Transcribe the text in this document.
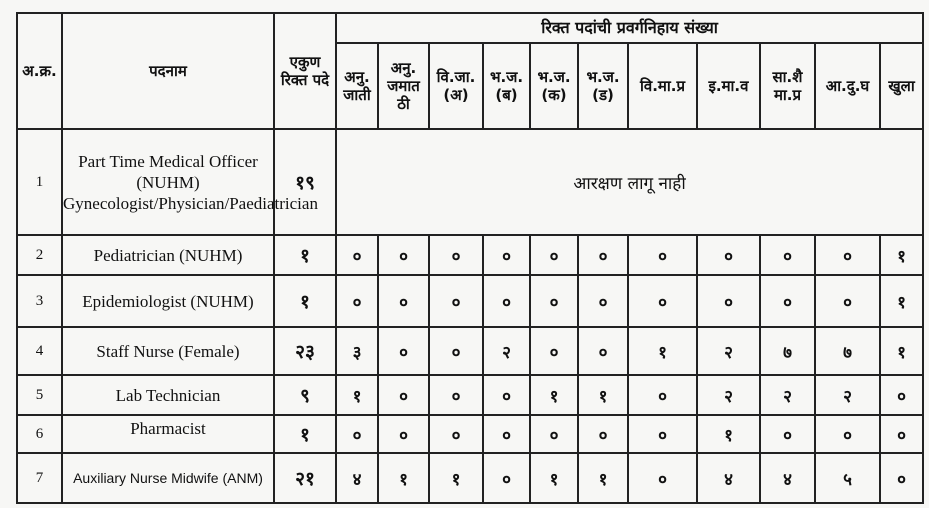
अ.क्र.	पदनाम	एकुण रिक्त पदे	रिक्त पदांची प्रवर्गनिहाय संख्या										
			अनु. जाती	अनु. जमात ठी	वि.जा. (अ)	भ.ज. (ब)	भ.ज. (क)	भ.ज. (ड)	वि.मा.प्र	इ.मा.व	सा.शै मा.प्र	आ.दु.घ	खुला
1	Part Time Medical Officer (NUHM) Gynecologist/Physician/Paediatrician	१९	आरक्षण लागू नाही										
2	Pediatrician (NUHM)	१	०	०	०	०	०	०	०	०	०	०	१
3	Epidemiologist (NUHM)	१	०	०	०	०	०	०	०	०	०	०	१
4	Staff Nurse (Female)	२३	३	०	०	२	०	०	१	२	७	७	१
5	Lab Technician	९	१	०	०	०	१	१	०	२	२	२	०
6	Pharmacist	१	०	०	०	०	०	०	०	१	०	०	०
7	Auxiliary Nurse Midwife (ANM)	२१	४	१	१	०	१	१	०	४	४	५	०
